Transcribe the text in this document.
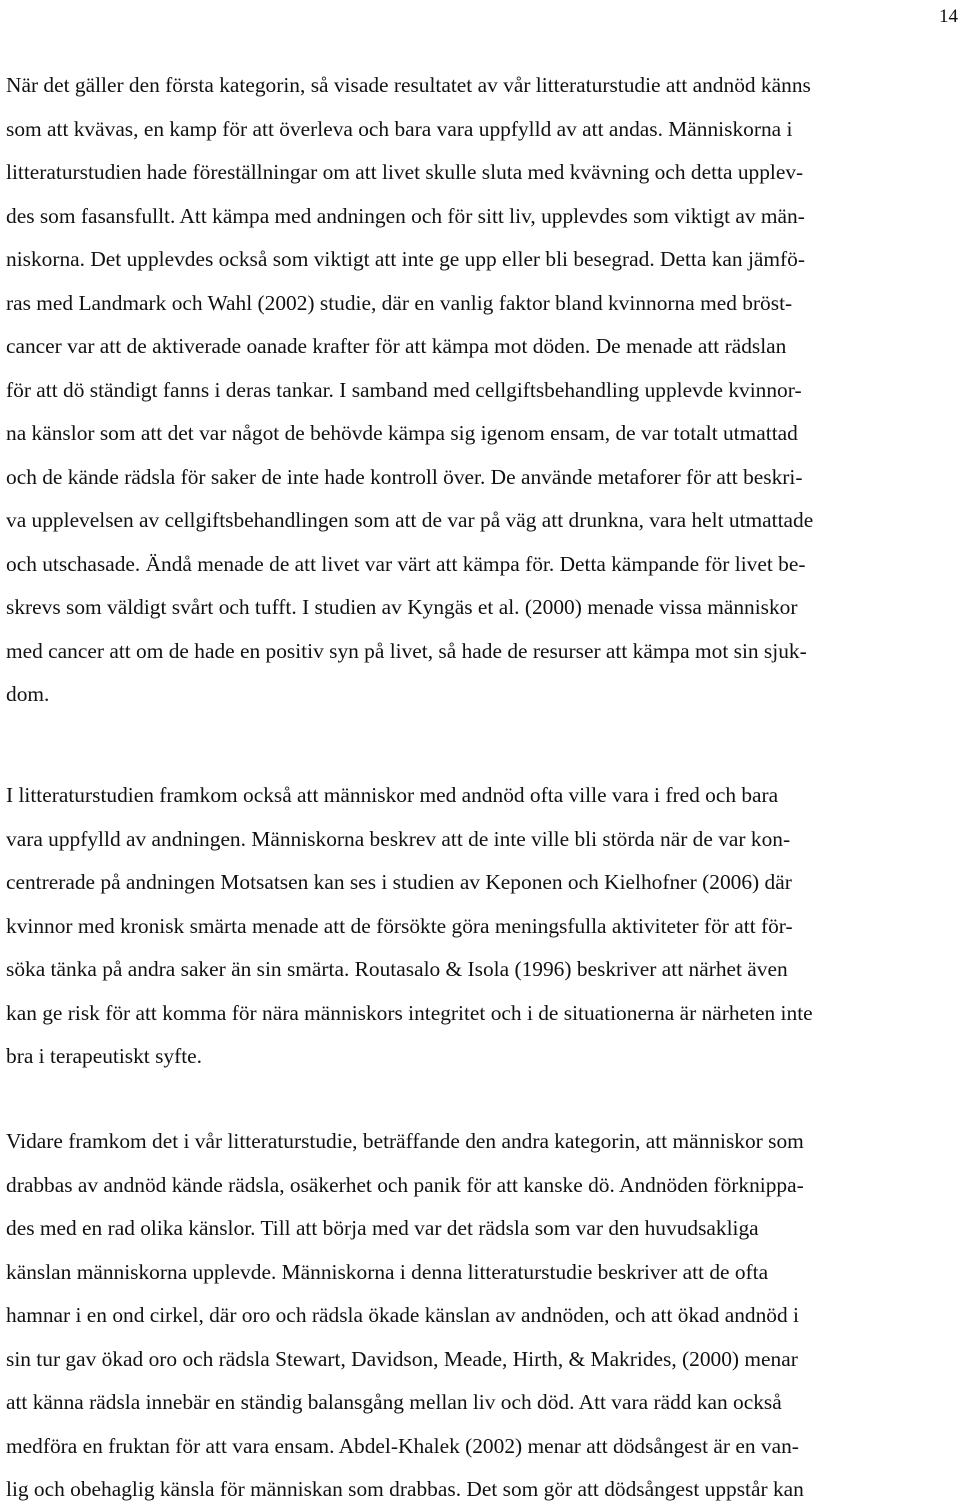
14

När det gäller den första kategorin, så visade resultatet av vår litteraturstudie att andnöd känns

som att kvävas, en kamp för att överleva och bara vara uppfylld av att andas. Människorna i

litteraturstudien hade föreställningar om att livet skulle sluta med kvävning och detta upplev-

des som fasansfullt. Att kämpa med andningen och för sitt liv, upplevdes som viktigt av män-

niskorna. Det upplevdes också som viktigt att inte ge upp eller bli besegrad. Detta kan jämfö-

ras med Landmark och Wahl (2002) studie, där en vanlig faktor bland kvinnorna med bröst-

cancer var att de aktiverade oanade krafter för att kämpa mot döden. De menade att rädslan

för att dö ständigt fanns i deras tankar. I samband med cellgiftsbehandling upplevde kvinnor-

na känslor som att det var något de behövde kämpa sig igenom ensam, de var totalt utmattad

och de kände rädsla för saker de inte hade kontroll över. De använde metaforer för att beskri-

va upplevelsen av cellgiftsbehandlingen som att de var på väg att drunkna, vara helt utmattade

och utschasade. Ändå menade de att livet var värt att kämpa för. Detta kämpande för livet be-

skrevs som väldigt svårt och tufft. I studien av Kyngäs et al. (2000) menade vissa människor

med cancer att om de hade en positiv syn på livet, så hade de resurser att kämpa mot sin sjuk-

dom.

I litteraturstudien framkom också att människor med andnöd ofta ville vara i fred och bara

vara uppfylld av andningen. Människorna beskrev att de inte ville bli störda när de var kon-

centrerade på andningen Motsatsen kan ses i studien av Keponen och Kielhofner (2006) där

kvinnor med kronisk smärta menade att de försökte göra meningsfulla aktiviteter för att för-

söka tänka på andra saker än sin smärta. Routasalo & Isola (1996) beskriver att närhet även

kan ge risk för att komma för nära människors integritet och i de situationerna är närheten inte

bra i terapeutiskt syfte.

Vidare framkom det i vår litteraturstudie, beträffande den andra kategorin, att människor som

drabbas av andnöd kände rädsla, osäkerhet och panik för att kanske dö. Andnöden förknippa-

des med en rad olika känslor. Till att börja med var det rädsla som var den huvudsakliga

känslan människorna upplevde. Människorna i denna litteraturstudie beskriver att de ofta

hamnar i en ond cirkel, där oro och rädsla ökade känslan av andnöden, och att ökad andnöd i

sin tur gav ökad oro och rädsla Stewart, Davidson, Meade, Hirth, & Makrides, (2000) menar

att känna rädsla innebär en ständig balansgång mellan liv och död. Att vara rädd kan också

medföra en fruktan för att vara ensam. Abdel-Khalek (2002) menar att dödsångest är en van-

lig och obehaglig känsla för människan som drabbas. Det som gör att dödsångest uppstår kan
